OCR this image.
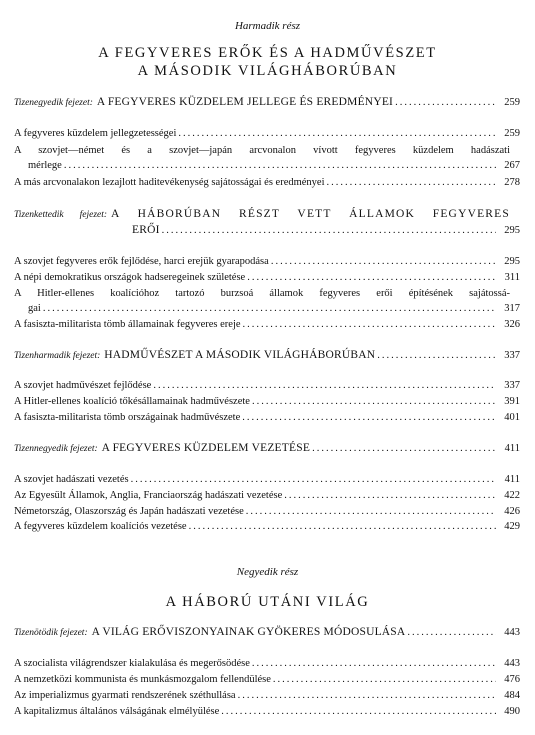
Harmadik rész
A FEGYVERES ERŐK ÉS A HADMŰVÉSZET
A MÁSODIK VILÁGHÁBORÚBAN
Tizenegyedik fejezet: A FEGYVERES KÜZDELEM JELLEGE ÉS EREDMÉNYEI .....	259
A fegyveres küzdelem jellegzetességei .....	259
A szovjet—német és a szovjet—japán arcvonalon vívott fegyveres küzdelem hadászati
mérlege .....	267
A más arcvonalakon lezajlott haditevékenység sajátosságai és eredményei .....	278
Tizenkettedik fejezet: A HÁBORÚBAN RÉSZT VETT ÁLLAMOK FEGYVERES
ERŐI .....	295
A szovjet fegyveres erők fejlődése, harci erejük gyarapodása .....	295
A népi demokratikus országok hadseregeinek születése .....	311
A Hitler-ellenes koalícióhoz tartozó burzsoá államok fegyveres erői építésének sajátossá-
gai .....	317
A fasiszta-militarista tömb államainak fegyveres ereje .....	326
Tizenharmadik fejezet: HADMŰVÉSZET A MÁSODIK VILÁGHÁBORÚBAN .....	337
A szovjet hadművészet fejlődése .....	337
A Hitler-ellenes koalíció tőkésállamainak hadművészete .....	391
A fasiszta-militarista tömb országainak hadművészete .....	401
Tizennegyedik fejezet: A FEGYVERES KÜZDELEM VEZETÉSE .....	411
A szovjet hadászati vezetés .....	411
Az Egyesült Államok, Anglia, Franciaország hadászati vezetése .....	422
Németország, Olaszország és Japán hadászati vezetése .....	426
A fegyveres küzdelem koalíciós vezetése .....	429
Negyedik rész
A HÁBORÚ UTÁNI VILÁG
Tizenötödik fejezet: A VILÁG ERŐVISZONYAINAK GYÖKERES MÓDOSULÁSA .....	443
A szocialista világrendszer kialakulása és megerősödése .....	443
A nemzetközi kommunista és munkásmozgalom fellendülése .....	476
Az imperializmus gyarmati rendszerének széthullása .....	484
A kapitalizmus általános válságának elmélyülése .....	490
